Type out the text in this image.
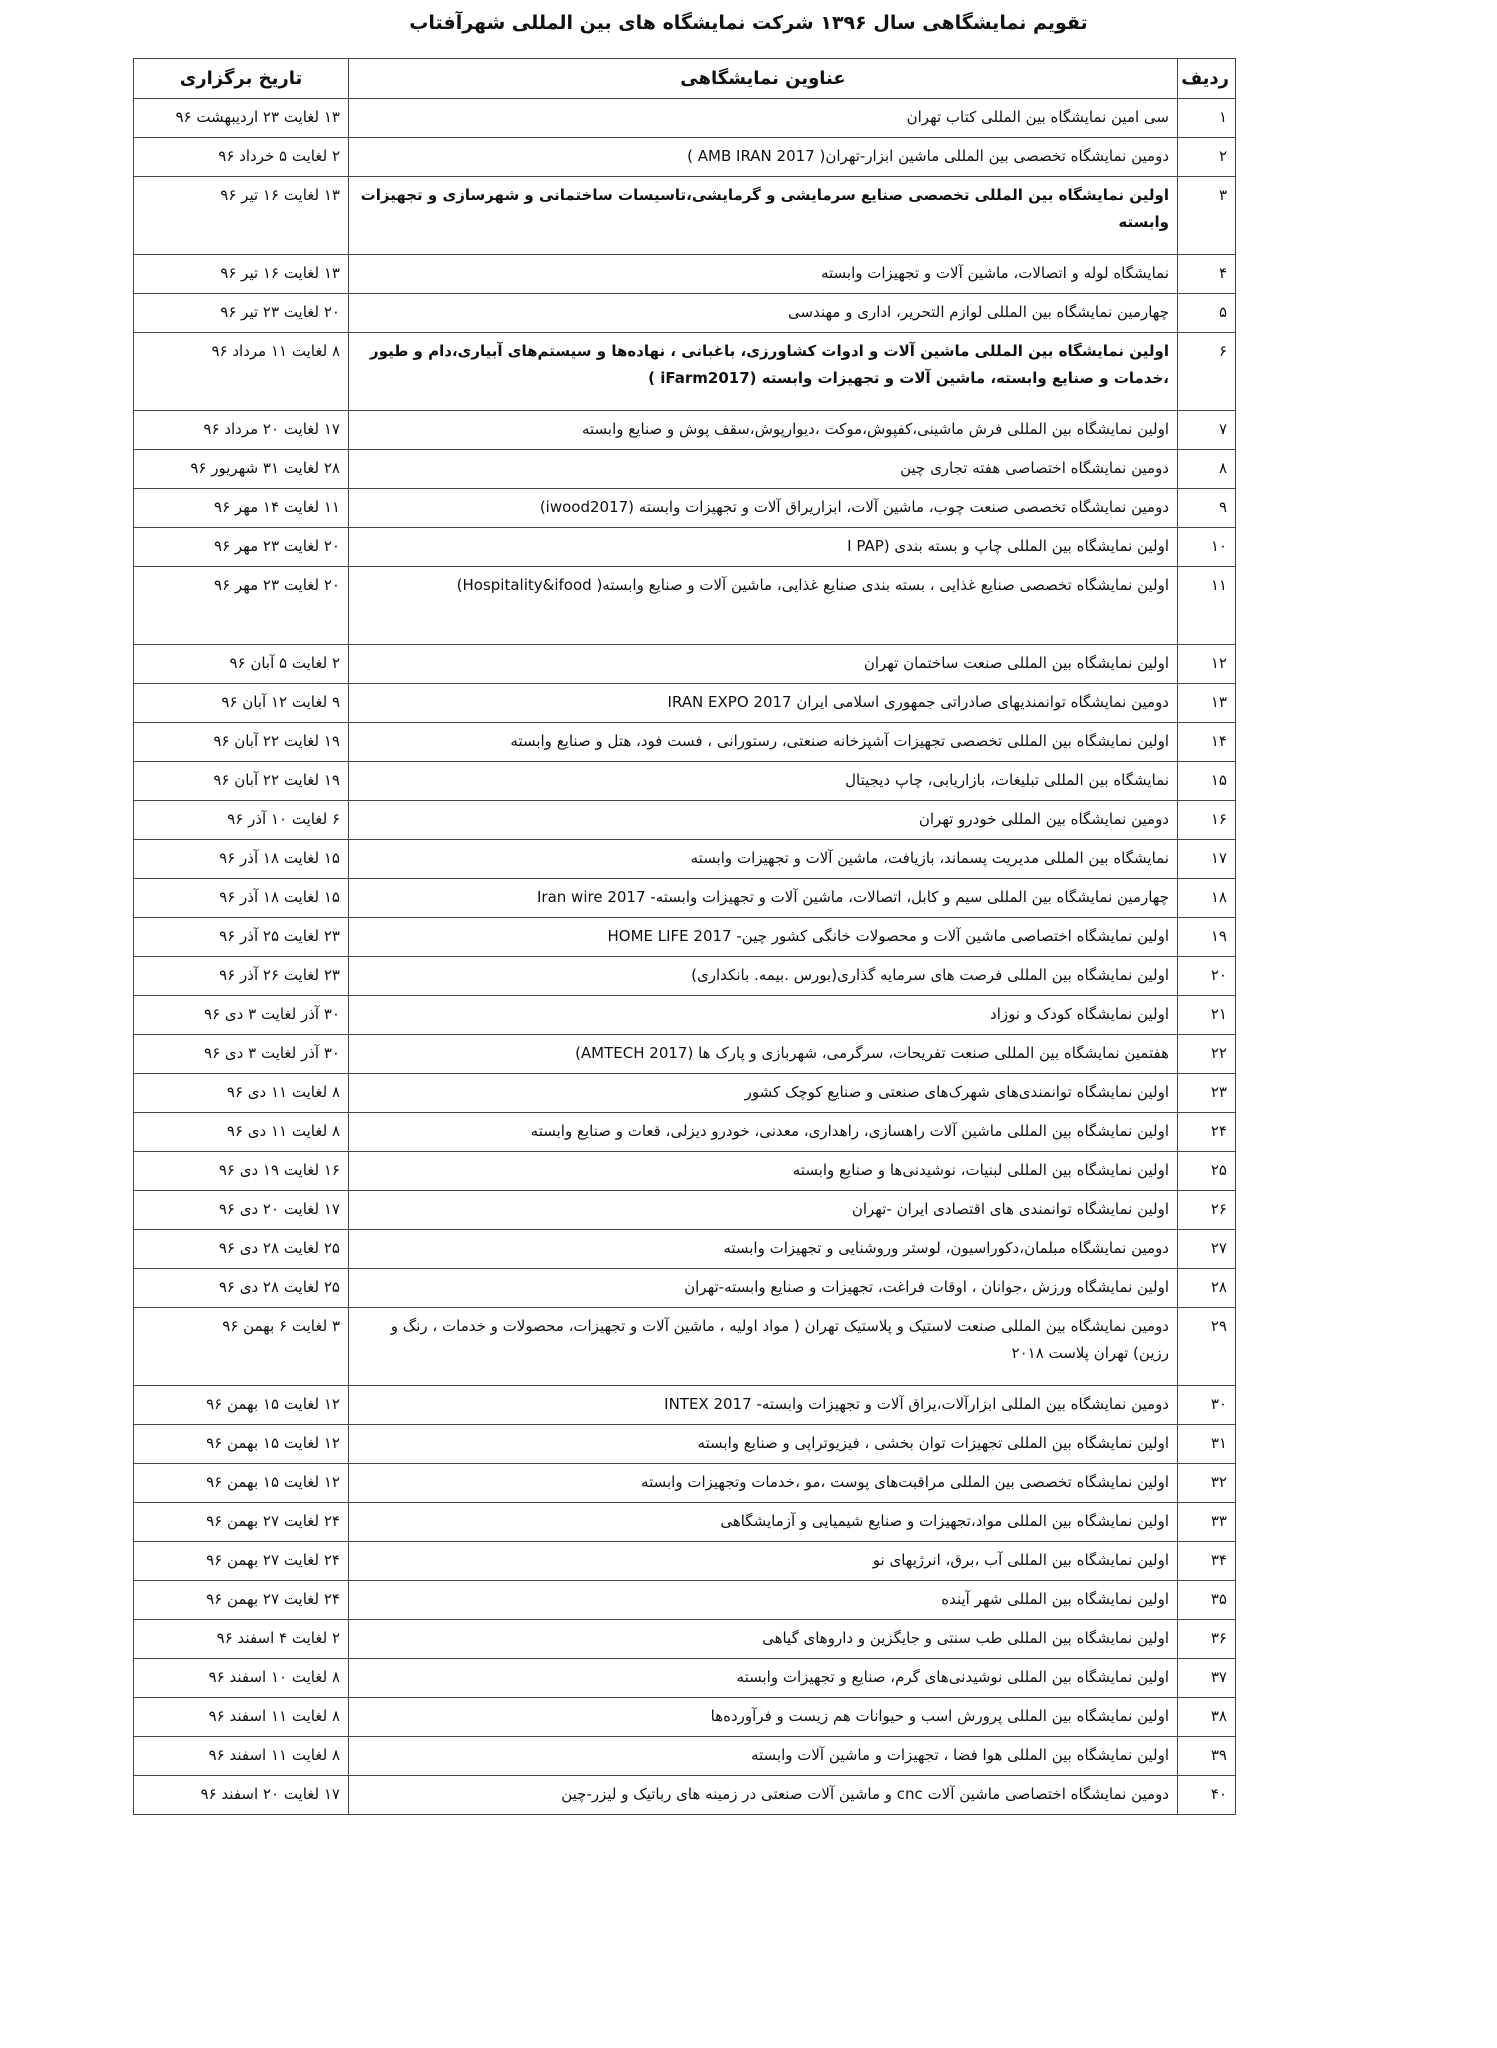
تقویم نمایشگاهی سال ۱۳۹۶ شرکت نمایشگاه های بین المللی شهرآفتاب
ردیف	عناوین نمایشگاهی	تاریخ برگزاری
۱	سی امین نمایشگاه بین المللی کتاب تهران	۱۳ لغایت ۲۳ اردیبهشت ۹۶
۲	دومین نمایشگاه تخصصی بین المللی ماشین ابزار-تهران( AMB IRAN 2017 )	۲ لغایت ۵ خرداد ۹۶
۳	اولین نمایشگاه بین المللی تخصصی صنایع سرمایشی و گرمایشی،تاسیسات ساختمانی و شهرسازی و تجهیزات وابسته	۱۳ لغایت ۱۶ تیر ۹۶
۴	نمایشگاه لوله و اتصالات، ماشین آلات و تجهیزات وابسته	۱۳ لغایت ۱۶ تیر ۹۶
۵	چهارمین نمایشگاه بین المللی لوازم التحریر، اداری و مهندسی	۲۰ لغایت ۲۳ تیر ۹۶
۶	اولین نمایشگاه بین المللی ماشین آلات و ادوات کشاورزی، باغبانی ، نهاده‌ها و سیستم‌های آبیاری،دام و طیور ،خدمات و صنایع وابسته، ماشین آلات و تجهیزات وابسته (iFarm2017 )	۸ لغایت ۱۱ مرداد ۹۶
۷	اولین نمایشگاه بین المللی فرش ماشینی،کفپوش،موکت ،دیوارپوش،سقف پوش و صنایع وابسته	۱۷ لغایت ۲۰ مرداد ۹۶
۸	دومین نمایشگاه اختصاصی هفته تجاری چین	۲۸ لغایت ۳۱ شهریور ۹۶
۹	دومین نمایشگاه تخصصی صنعت چوب، ماشین آلات، ابزاریراق آلات و تجهیزات وابسته (iwood2017)	۱۱ لغایت ۱۴ مهر ۹۶
۱۰	اولین نمایشگاه بین المللی چاپ و بسته بندی (I PAP	۲۰ لغایت ۲۳ مهر ۹۶
۱۱	اولین نمایشگاه تخصصی صنایع غذایی ، بسته بندی صنایع غذایی، ماشین آلات و صنایع وابسته( Hospitality&ifood)	۲۰ لغایت ۲۳ مهر ۹۶
۱۲	اولین نمایشگاه بین المللی صنعت ساختمان تهران	۲ لغایت ۵ آبان ۹۶
۱۳	دومین نمایشگاه توانمندیهای صادراتی جمهوری اسلامی ایران IRAN EXPO 2017	۹ لغایت ۱۲ آبان ۹۶
۱۴	اولین نمایشگاه بین المللی تخصصی تجهیزات آشپزخانه صنعتی، رستورانی ، فست فود، هتل و صنایع وابسته	۱۹ لغایت ۲۲ آبان ۹۶
۱۵	نمایشگاه بین المللی تبلیغات، بازاریابی، چاپ دیجیتال	۱۹ لغایت ۲۲ آبان ۹۶
۱۶	دومین نمایشگاه بین المللی خودرو تهران	۶ لغایت ۱۰ آذر ۹۶
۱۷	نمایشگاه بین المللی مدیریت پسماند، بازیافت، ماشین آلات و تجهیزات وابسته	۱۵ لغایت ۱۸ آذر ۹۶
۱۸	چهارمین نمایشگاه بین المللی سیم و کابل، اتصالات، ماشین آلات و تجهیزات وابسته- Iran wire 2017	۱۵ لغایت ۱۸ آذر ۹۶
۱۹	اولین نمایشگاه اختصاصی ماشین آلات و محصولات خانگی کشور چین- HOME LIFE 2017	۲۳ لغایت ۲۵ آذر ۹۶
۲۰	اولین نمایشگاه بین المللی فرصت های سرمایه گذاری(بورس .بیمه. بانکداری)	۲۳ لغایت ۲۶ آذر ۹۶
۲۱	اولین نمایشگاه کودک و نوزاد	۳۰ آذر لغایت ۳ دی ۹۶
۲۲	هفتمین نمایشگاه بین المللی صنعت تفریحات، سرگرمی، شهربازی و پارک ها (AMTECH 2017)	۳۰ آذر لغایت ۳ دی ۹۶
۲۳	اولین نمایشگاه توانمندی‌های شهرک‌های صنعتی و صنایع کوچک کشور	۸ لغایت ۱۱ دی ۹۶
۲۴	اولین نمایشگاه بین المللی ماشین آلات راهسازی، راهداری، معدنی، خودرو دیزلی، قعات و صنایع وابسته	۸ لغایت ۱۱ دی ۹۶
۲۵	اولین نمایشگاه بین المللی لبنیات، نوشیدنی‌ها و صنایع وابسته	۱۶ لغایت ۱۹ دی ۹۶
۲۶	اولین نمایشگاه توانمندی های اقتصادی ایران -تهران	۱۷ لغایت ۲۰ دی ۹۶
۲۷	دومین نمایشگاه مبلمان،دکوراسیون، لوستر وروشنایی و تجهیزات وابسته	۲۵ لغایت ۲۸ دی ۹۶
۲۸	اولین نمایشگاه ورزش ،جوانان ، اوقات فراغت، تجهیزات و صنایع وابسته-تهران	۲۵ لغایت ۲۸ دی ۹۶
۲۹	دومین نمایشگاه بین المللی صنعت لاستیک و پلاستیک تهران ( مواد اولیه ، ماشین آلات و تجهیزات، محصولات و خدمات ، رنگ و رزین) تهران پلاست ۲۰۱۸	۳ لغایت ۶ بهمن ۹۶
۳۰	دومین نمایشگاه بین المللی ابزارآلات،یراق آلات و تجهیزات وابسته- INTEX 2017	۱۲ لغایت ۱۵ بهمن ۹۶
۳۱	اولین نمایشگاه بین المللی تجهیزات توان بخشی ، فیزیوتراپی و صنایع وابسته	۱۲ لغایت ۱۵ بهمن ۹۶
۳۲	اولین نمایشگاه تخصصی بین المللی مراقبت‌های پوست ،مو ،خدمات وتجهیزات وابسته	۱۲ لغایت ۱۵ بهمن ۹۶
۳۳	اولین نمایشگاه بین المللی مواد،تجهیزات و صنایع شیمیایی و آزمایشگاهی	۲۴ لغایت ۲۷ بهمن ۹۶
۳۴	اولین نمایشگاه بین المللی آب ،برق، انرژیهای نو	۲۴ لغایت ۲۷ بهمن ۹۶
۳۵	اولین نمایشگاه بین المللی شهر آینده	۲۴ لغایت ۲۷ بهمن ۹۶
۳۶	اولین نمایشگاه بین المللی طب سنتی و جایگزین و داروهای گیاهی	۲ لغایت ۴ اسفند ۹۶
۳۷	اولین نمایشگاه بین المللی نوشیدنی‌های گرم، صنایع و تجهیزات وابسته	۸ لغایت ۱۰ اسفند ۹۶
۳۸	اولین نمایشگاه بین المللی پرورش اسب و حیوانات هم زیست و فرآورده‌ها	۸ لغایت ۱۱ اسفند ۹۶
۳۹	اولین نمایشگاه بین المللی هوا فضا ، تجهیزات و ماشین آلات وابسته	۸ لغایت ۱۱ اسفند ۹۶
۴۰	دومین نمایشگاه اختصاصی ماشین آلات cnc و ماشین آلات صنعتی در زمینه های رباتیک و لیزر-چین	۱۷ لغایت ۲۰ اسفند ۹۶
